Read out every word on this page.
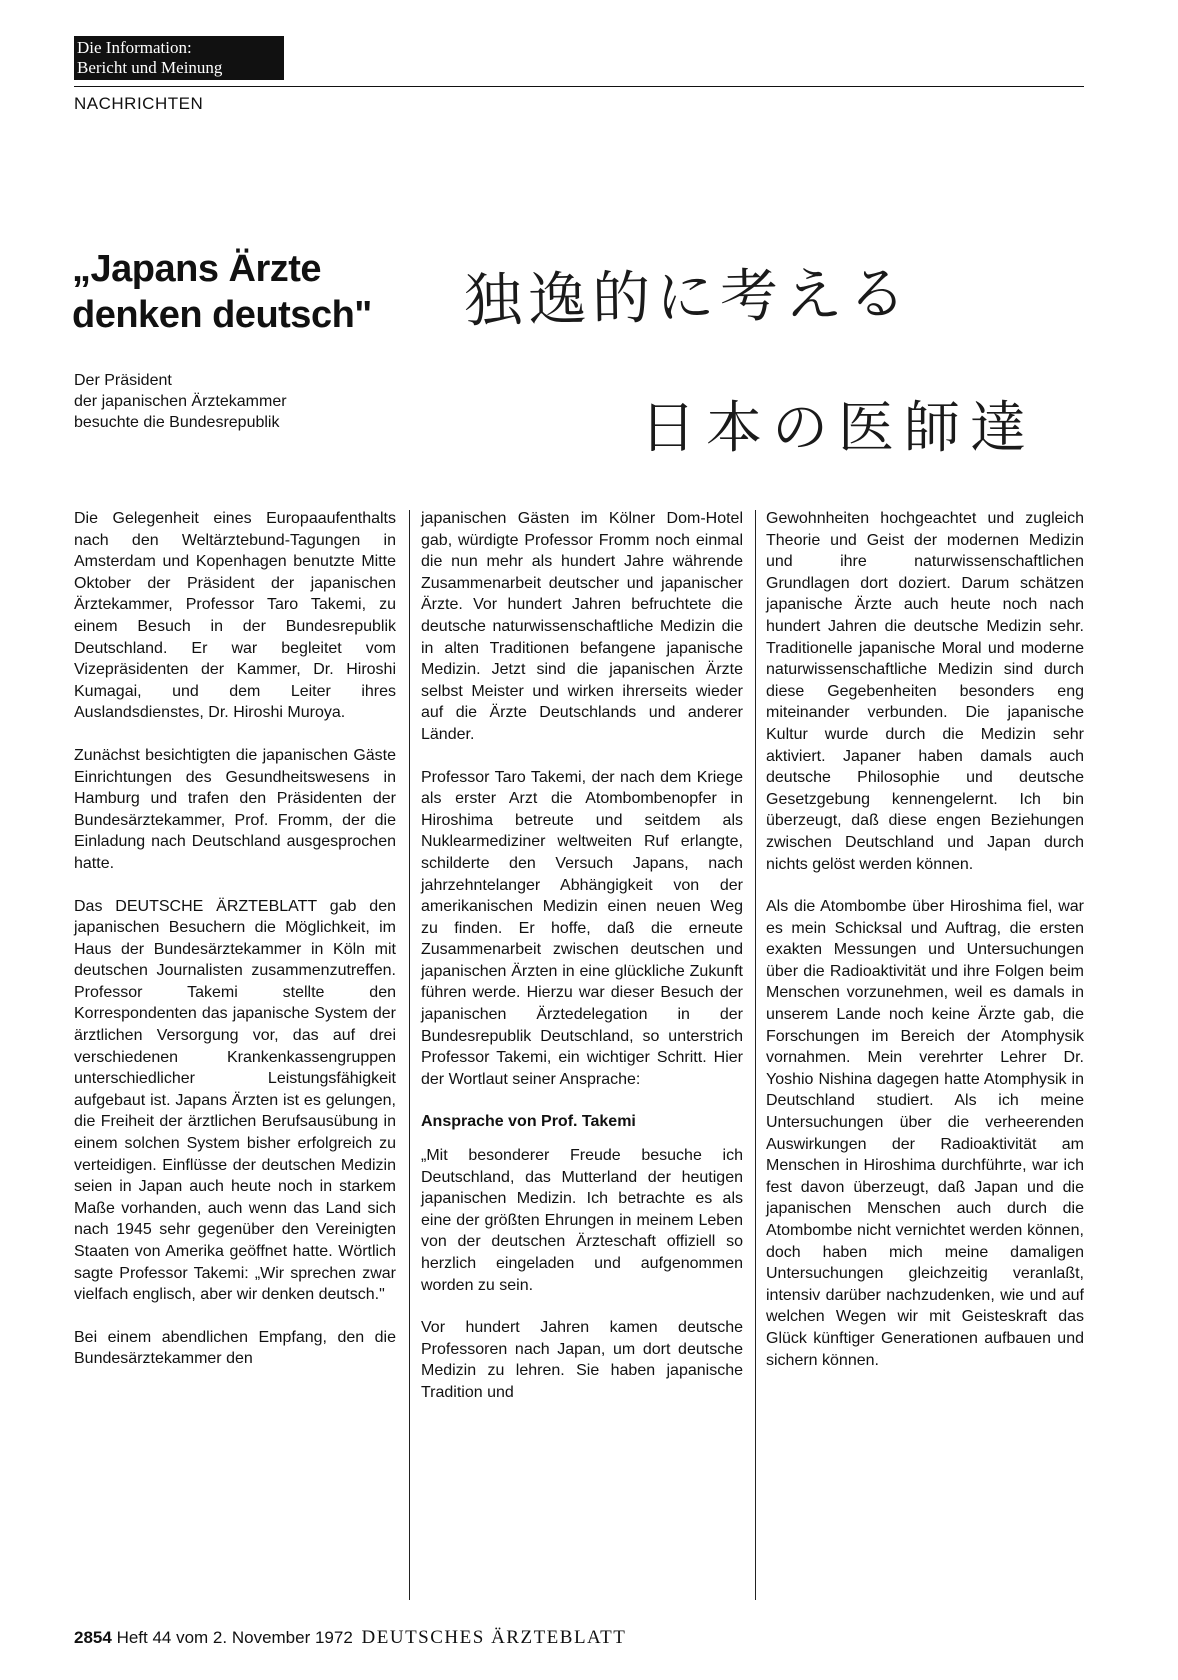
Die Information:
Bericht und Meinung
NACHRICHTEN
„Japans Ärzte
denken deutsch"	独逸的に考える
日本の医師達
Der Präsident
der japanischen Ärztekammer
besuchte die Bundesrepublik

Die Gelegenheit eines Europaaufenthalts nach den Weltärztebund-Tagungen in Amsterdam und Kopenhagen benutzte Mitte Oktober der Präsident der japanischen Ärztekammer, Professor Taro Takemi, zu einem Besuch in der Bundesrepublik Deutschland. Er war begleitet vom Vizepräsidenten der Kammer, Dr. Hiroshi Kumagai, und dem Leiter ihres Auslandsdienstes, Dr. Hiroshi Muroya.

Zunächst besichtigten die japanischen Gäste Einrichtungen des Gesundheitswesens in Hamburg und trafen den Präsidenten der Bundesärztekammer, Prof. Fromm, der die Einladung nach Deutschland ausgesprochen hatte.

Das DEUTSCHE ÄRZTEBLATT gab den japanischen Besuchern die Möglichkeit, im Haus der Bundesärztekammer in Köln mit deutschen Journalisten zusammenzutreffen. Professor Takemi stellte den Korrespondenten das japanische System der ärztlichen Versorgung vor, das auf drei verschiedenen Krankenkassengruppen unterschiedlicher Leistungsfähigkeit aufgebaut ist. Japans Ärzten ist es gelungen, die Freiheit der ärztlichen Berufsausübung in einem solchen System bisher erfolgreich zu verteidigen. Einflüsse der deutschen Medizin seien in Japan auch heute noch in starkem Maße vorhanden, auch wenn das Land sich nach 1945 sehr gegenüber den Vereinigten Staaten von Amerika geöffnet hatte. Wörtlich sagte Professor Takemi: „Wir sprechen zwar vielfach englisch, aber wir denken deutsch."

Bei einem abendlichen Empfang, den die Bundesärztekammer den

japanischen Gästen im Kölner Dom-Hotel gab, würdigte Professor Fromm noch einmal die nun mehr als hundert Jahre währende Zusammenarbeit deutscher und japanischer Ärzte. Vor hundert Jahren befruchtete die deutsche naturwissenschaftliche Medizin die in alten Traditionen befangene japanische Medizin. Jetzt sind die japanischen Ärzte selbst Meister und wirken ihrerseits wieder auf die Ärzte Deutschlands und anderer Länder.

Professor Taro Takemi, der nach dem Kriege als erster Arzt die Atombombenopfer in Hiroshima betreute und seitdem als Nuklearmediziner weltweiten Ruf erlangte, schilderte den Versuch Japans, nach jahrzehntelanger Abhängigkeit von der amerikanischen Medizin einen neuen Weg zu finden. Er hoffe, daß die erneute Zusammenarbeit zwischen deutschen und japanischen Ärzten in eine glückliche Zukunft führen werde. Hierzu war dieser Besuch der japanischen Ärztedelegation in der Bundesrepublik Deutschland, so unterstrich Professor Takemi, ein wichtiger Schritt. Hier der Wortlaut seiner Ansprache:

Ansprache von Prof. Takemi

„Mit besonderer Freude besuche ich Deutschland, das Mutterland der heutigen japanischen Medizin. Ich betrachte es als eine der größten Ehrungen in meinem Leben von der deutschen Ärzteschaft offiziell so herzlich eingeladen und aufgenommen worden zu sein.

Vor hundert Jahren kamen deutsche Professoren nach Japan, um dort deutsche Medizin zu lehren. Sie haben japanische Tradition und

Gewohnheiten hochgeachtet und zugleich Theorie und Geist der modernen Medizin und ihre naturwissenschaftlichen Grundlagen dort doziert. Darum schätzen japanische Ärzte auch heute noch nach hundert Jahren die deutsche Medizin sehr. Traditionelle japanische Moral und moderne naturwissenschaftliche Medizin sind durch diese Gegebenheiten besonders eng miteinander verbunden. Die japanische Kultur wurde durch die Medizin sehr aktiviert. Japaner haben damals auch deutsche Philosophie und deutsche Gesetzgebung kennengelernt. Ich bin überzeugt, daß diese engen Beziehungen zwischen Deutschland und Japan durch nichts gelöst werden können.

Als die Atombombe über Hiroshima fiel, war es mein Schicksal und Auftrag, die ersten exakten Messungen und Untersuchungen über die Radioaktivität und ihre Folgen beim Menschen vorzunehmen, weil es damals in unserem Lande noch keine Ärzte gab, die Forschungen im Bereich der Atomphysik vornahmen. Mein verehrter Lehrer Dr. Yoshio Nishina dagegen hatte Atomphysik in Deutschland studiert. Als ich meine Untersuchungen über die verheerenden Auswirkungen der Radioaktivität am Menschen in Hiroshima durchführte, war ich fest davon überzeugt, daß Japan und die japanischen Menschen auch durch die Atombombe nicht vernichtet werden können, doch haben mich meine damaligen Untersuchungen gleichzeitig veranlaßt, intensiv darüber nachzudenken, wie und auf welchen Wegen wir mit Geisteskraft das Glück künftiger Generationen aufbauen und sichern können.

2854 Heft 44 vom 2. November 1972 DEUTSCHES ÄRZTEBLATT
